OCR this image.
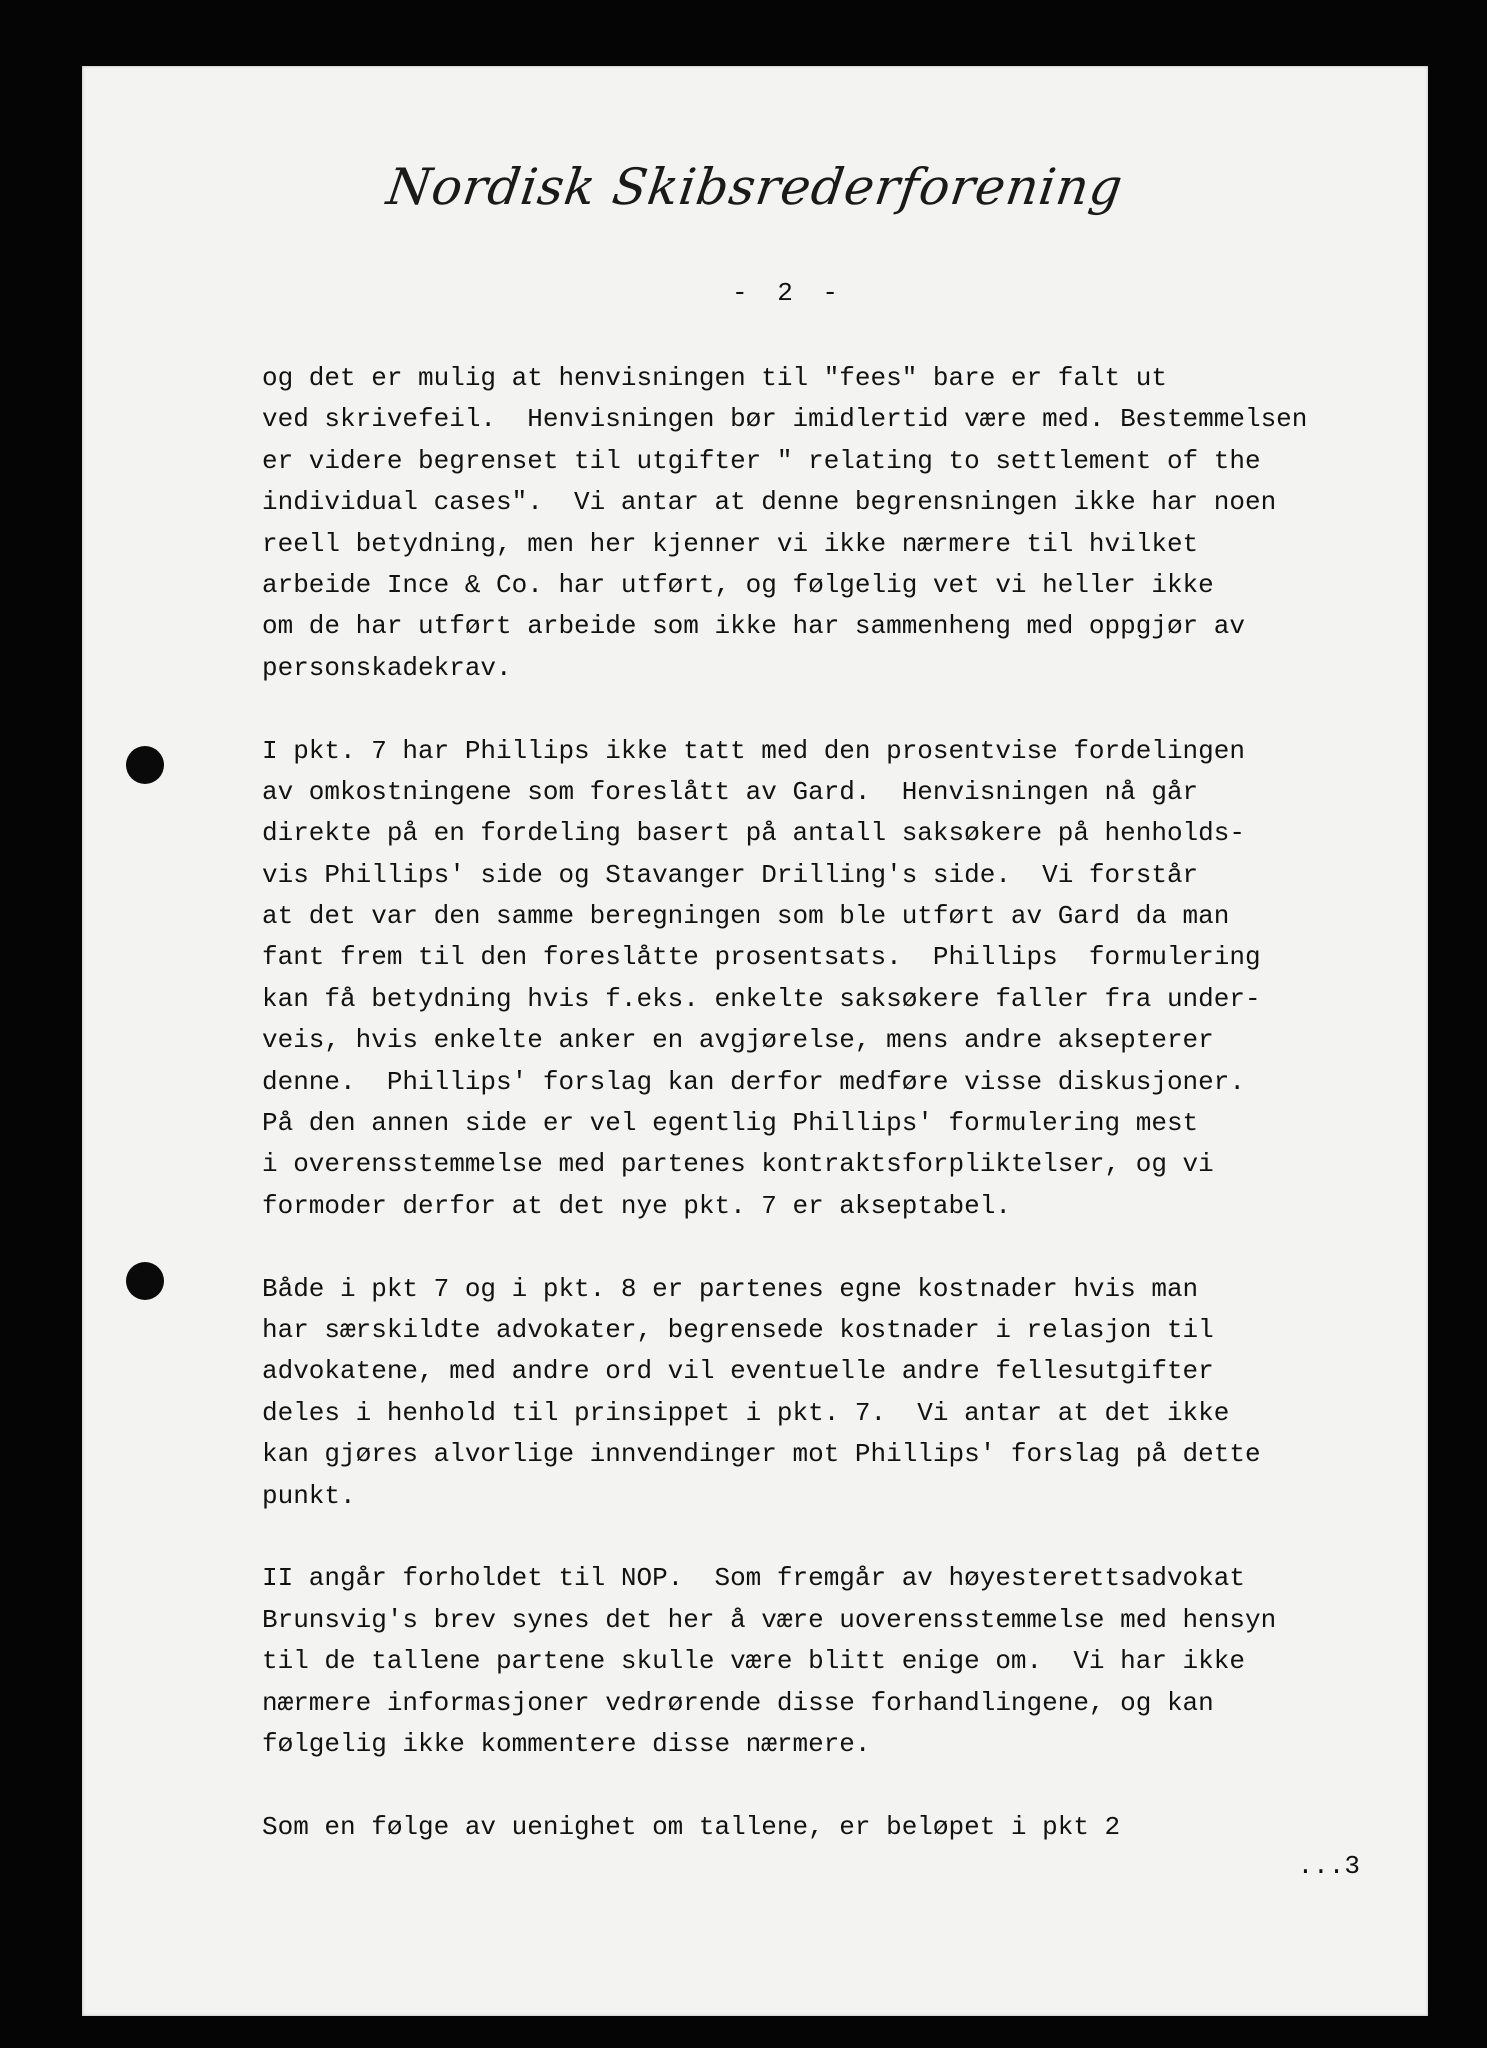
Nordisk Skibsrederforening
- 2 -
og det er mulig at henvisningen til "fees" bare er falt ut
ved skrivefeil.  Henvisningen bør imidlertid være med. Bestemmelsen
er videre begrenset til utgifter " relating to settlement of the
individual cases".  Vi antar at denne begrensningen ikke har noen
reell betydning, men her kjenner vi ikke nærmere til hvilket
arbeide Ince & Co. har utført, og følgelig vet vi heller ikke
om de har utført arbeide som ikke har sammenheng med oppgjør av
personskadekrav.
I pkt. 7 har Phillips ikke tatt med den prosentvise fordelingen
av omkostningene som foreslått av Gard.  Henvisningen nå går
direkte på en fordeling basert på antall saksøkere på henholds-
vis Phillips' side og Stavanger Drilling's side.  Vi forstår
at det var den samme beregningen som ble utført av Gard da man
fant frem til den foreslåtte prosentsats.  Phillips  formulering
kan få betydning hvis f.eks. enkelte saksøkere faller fra under-
veis, hvis enkelte anker en avgjørelse, mens andre aksepterer
denne.  Phillips' forslag kan derfor medføre visse diskusjoner.
På den annen side er vel egentlig Phillips' formulering mest
i overensstemmelse med partenes kontraktsforpliktelser, og vi
formoder derfor at det nye pkt. 7 er akseptabel.
Både i pkt 7 og i pkt. 8 er partenes egne kostnader hvis man
har særskildte advokater, begrensede kostnader i relasjon til
advokatene, med andre ord vil eventuelle andre fellesutgifter
deles i henhold til prinsippet i pkt. 7.  Vi antar at det ikke
kan gjøres alvorlige innvendinger mot Phillips' forslag på dette
punkt.
II angår forholdet til NOP.  Som fremgår av høyesterettsadvokat
Brunsvig's brev synes det her å være uoverensstemmelse med hensyn
til de tallene partene skulle være blitt enige om.  Vi har ikke
nærmere informasjoner vedrørende disse forhandlingene, og kan
følgelig ikke kommentere disse nærmere.
Som en følge av uenighet om tallene, er beløpet i pkt 2
...3
